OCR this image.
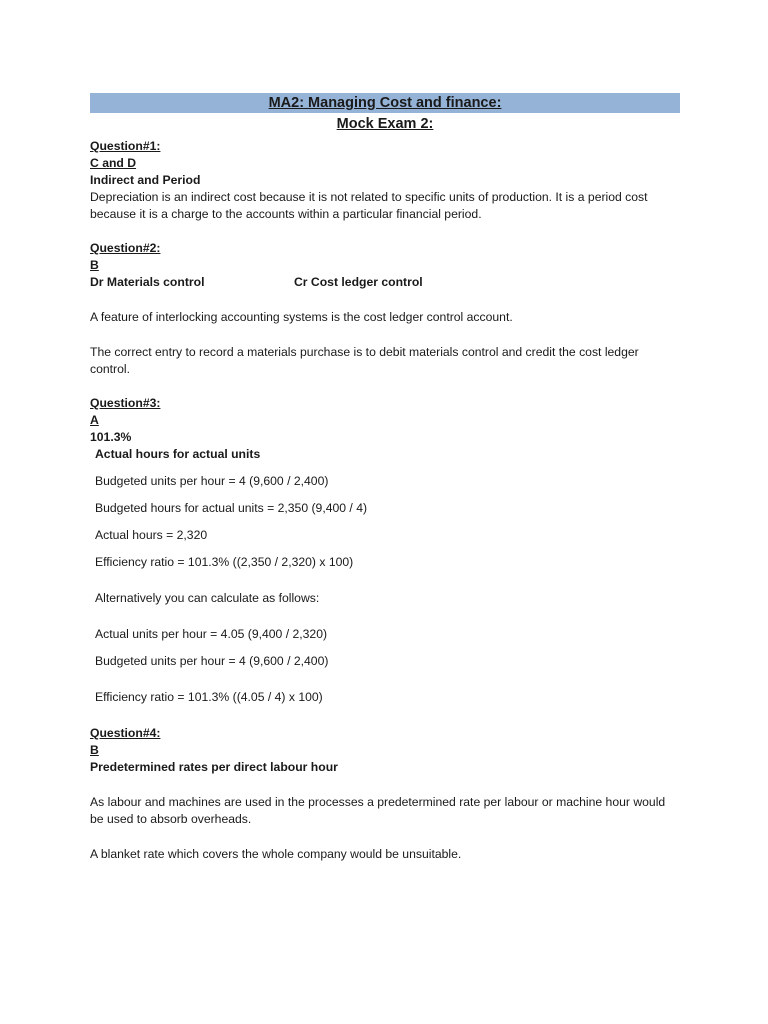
MA2: Managing Cost and finance:
Mock Exam 2:
Question#1:
C and D
Indirect and Period

Depreciation is an indirect cost because it is not related to specific units of production. It is a period cost because it is a charge to the accounts within a particular financial period.

Question#2:
B
Dr Materials control	Cr Cost ledger control

A feature of interlocking accounting systems is the cost ledger control account.

The correct entry to record a materials purchase is to debit materials control and credit the cost ledger control.

Question#3:
A
101.3%
Actual hours for actual units
Budgeted units per hour = 4 (9,600 / 2,400)
Budgeted hours for actual units = 2,350 (9,400 / 4)
Actual hours = 2,320
Efficiency ratio = 101.3% ((2,350 / 2,320) x 100)
Alternatively you can calculate as follows:
Actual units per hour = 4.05 (9,400 / 2,320)
Budgeted units per hour = 4 (9,600 / 2,400)
Efficiency ratio = 101.3% ((4.05 / 4) x 100)
Question#4:
B
Predetermined rates per direct labour hour

As labour and machines are used in the processes a predetermined rate per labour or machine hour would be used to absorb overheads.

A blanket rate which covers the whole company would be unsuitable.
